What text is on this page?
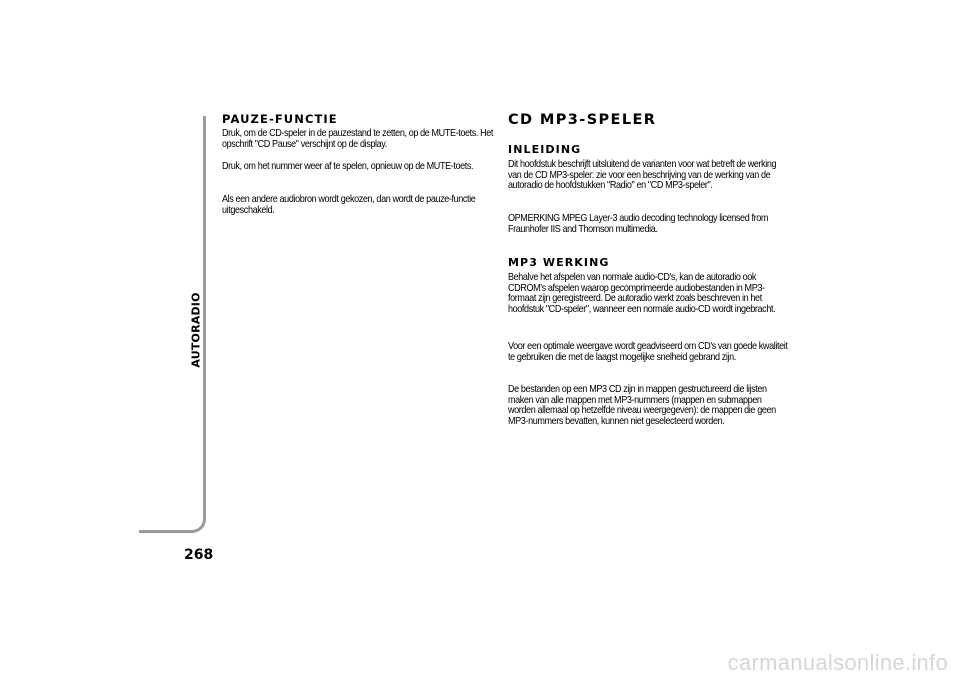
AUTORADIO
268
PAUZE-FUNCTIE

Druk, om de CD-speler in de pauzestand te zetten, op de MUTE-toets. Het opschrift "CD Pause" verschijnt op de display.

Druk, om het nummer weer af te spelen, opnieuw op de MUTE-toets.

Als een andere audiobron wordt gekozen, dan wordt de pauze-functie uitgeschakeld.

CD MP3-SPELER
INLEIDING

Dit hoofdstuk beschrijft uitsluitend de varianten voor wat betreft de werking van de CD MP3-speler: zie voor een beschrijving van de werking van de autoradio de hoofdstukken "Radio" en "CD MP3-speler".

OPMERKING MPEG Layer-3 audio decoding technology licensed from Fraunhofer IIS and Thomson multimedia.

MP3 WERKING

Behalve het afspelen van normale audio-CD's, kan de autoradio ook CDROM's afspelen waarop gecomprimeerde audiobestanden in MP3-formaat zijn geregistreerd. De autoradio werkt zoals beschreven in het hoofdstuk "CD-speler", wanneer een normale audio-CD wordt ingebracht.

Voor een optimale weergave wordt geadviseerd om CD's van goede kwaliteit te gebruiken die met de laagst mogelijke snelheid gebrand zijn.

De bestanden op een MP3 CD zijn in mappen gestructureerd die lijsten maken van alle mappen met MP3-nummers (mappen en submappen worden allemaal op hetzelfde niveau weergegeven): de mappen die geen MP3-nummers bevatten, kunnen niet geselecteerd worden.

carmanualsonline.info
